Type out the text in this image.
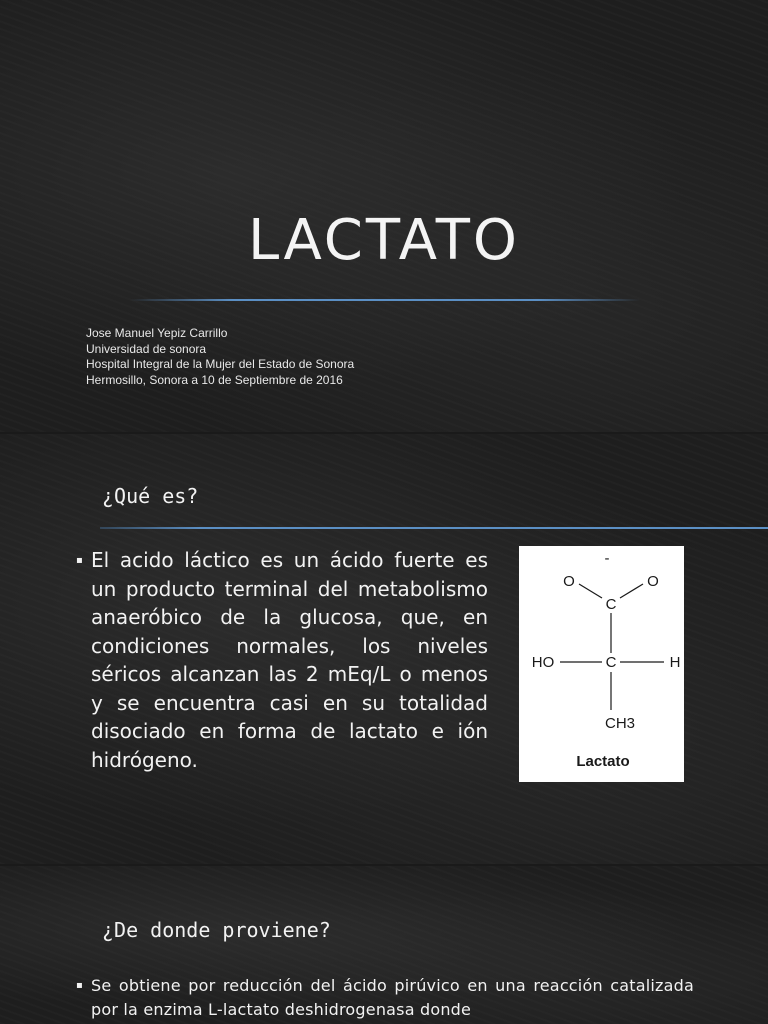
LACTATO
Jose Manuel Yepiz Carrillo
Universidad de sonora
Hospital Integral de la Mujer del Estado de Sonora
Hermosillo, Sonora a 10 de Septiembre de 2016
¿Qué es?
▪ El acido láctico es un ácido fuerte es un producto terminal del metabolismo anaeróbico de la glucosa, que, en condiciones normales, los niveles séricos alcanzan las 2 mEq/L o menos y se encuentra casi en su totalidad disociado en forma de lactato e ión hidrógeno.
-
O	O
C
HO	C	H
CH3
Lactato
¿De donde proviene?
▪ Se obtiene por reducción del ácido pirúvico en una reacción catalizada por la enzima L-lactato deshidrogenasa donde
